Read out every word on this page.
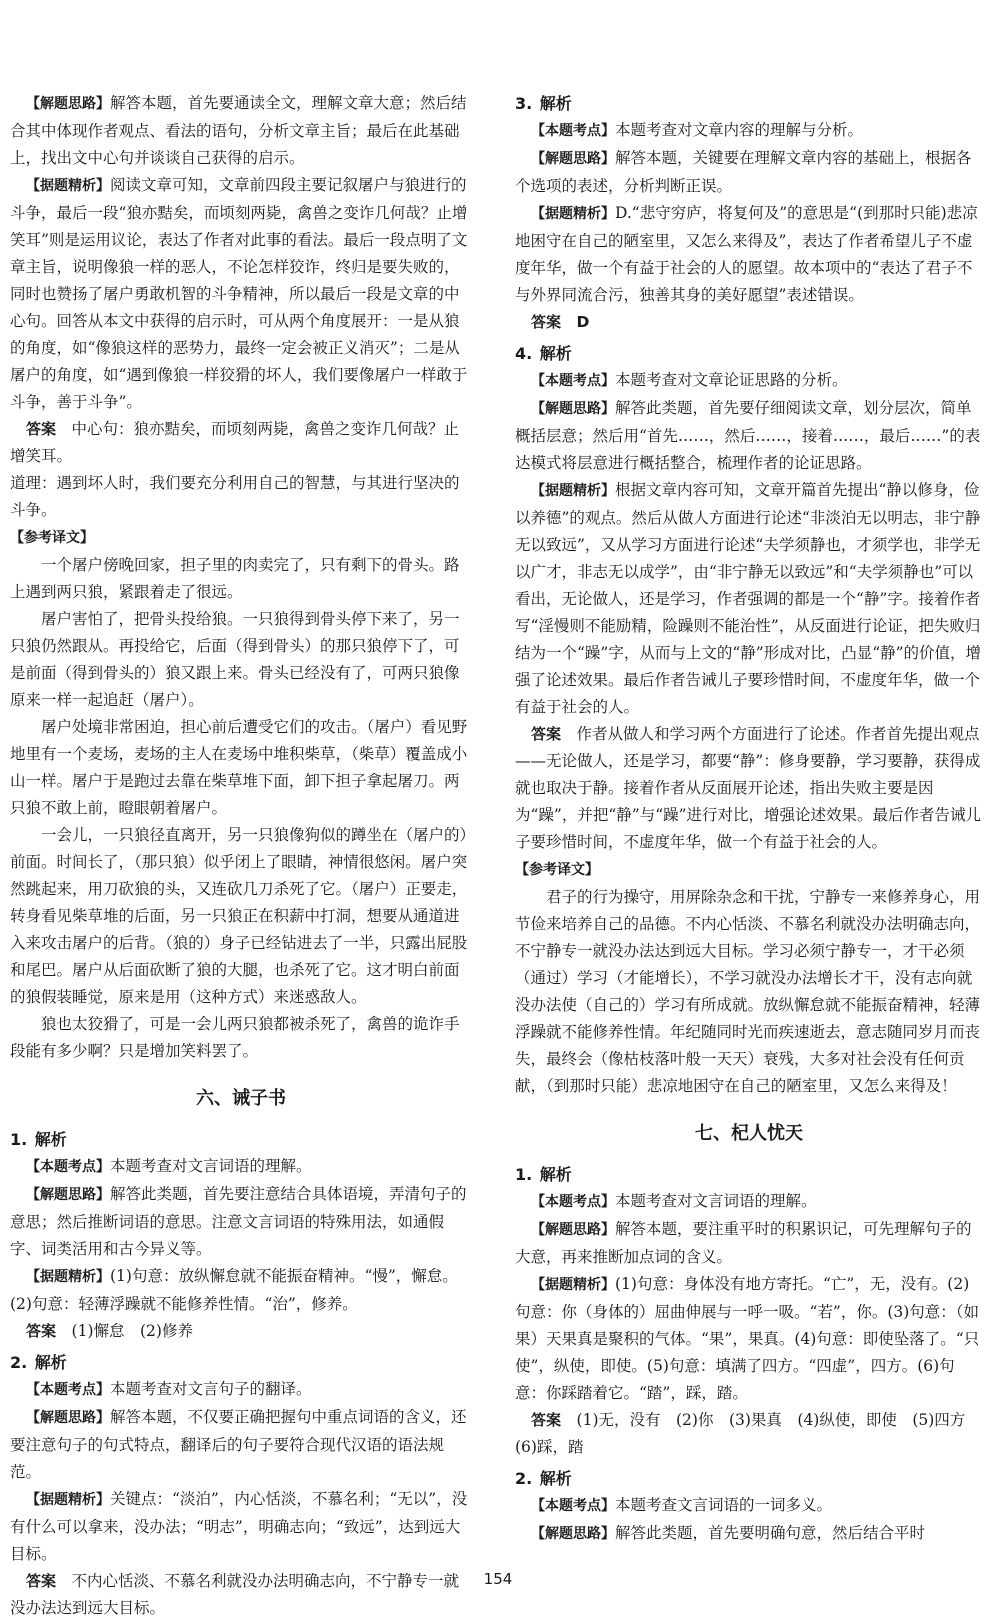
【解题思路】解答本题，首先要通读全文，理解文章大意；然后结合其中体现作者观点、看法的语句，分析文章主旨；最后在此基础上，找出文中心句并谈谈自己获得的启示。

【据题精析】阅读文章可知，文章前四段主要记叙屠户与狼进行的斗争，最后一段“狼亦黠矣，而顷刻两毙，禽兽之变诈几何哉？止增笑耳”则是运用议论，表达了作者对此事的看法。最后一段点明了文章主旨，说明像狼一样的恶人，不论怎样狡诈，终归是要失败的，同时也赞扬了屠户勇敢机智的斗争精神，所以最后一段是文章的中心句。回答从本文中获得的启示时，可从两个角度展开：一是从狼的角度，如“像狼这样的恶势力，最终一定会被正义消灭”；二是从屠户的角度，如“遇到像狼一样狡猾的坏人，我们要像屠户一样敢于斗争，善于斗争”。

答案　 中心句：狼亦黠矣，而顷刻两毙，禽兽之变诈几何哉？止增笑耳。

道理：遇到坏人时，我们要充分利用自己的智慧，与其进行坚决的斗争。

【参考译文】

一个屠户傍晚回家，担子里的肉卖完了，只有剩下的骨头。路上遇到两只狼，紧跟着走了很远。

屠户害怕了，把骨头投给狼。一只狼得到骨头停下来了，另一只狼仍然跟从。再投给它，后面（得到骨头）的那只狼停下了，可是前面（得到骨头的）狼又跟上来。骨头已经没有了，可两只狼像原来一样一起追赶（屠户）。

屠户处境非常困迫，担心前后遭受它们的攻击。（屠户）看见野地里有一个麦场，麦场的主人在麦场中堆积柴草，（柴草）覆盖成小山一样。屠户于是跑过去靠在柴草堆下面，卸下担子拿起屠刀。两只狼不敢上前，瞪眼朝着屠户。

一会儿，一只狼径直离开，另一只狼像狗似的蹲坐在（屠户的）前面。时间长了，（那只狼）似乎闭上了眼睛，神情很悠闲。屠户突然跳起来，用刀砍狼的头，又连砍几刀杀死了它。（屠户）正要走，转身看见柴草堆的后面，另一只狼正在积薪中打洞，想要从通道进入来攻击屠户的后背。（狼的）身子已经钻进去了一半，只露出屁股和尾巴。屠户从后面砍断了狼的大腿，也杀死了它。这才明白前面的狼假装睡觉，原来是用（这种方式）来迷惑敌人。

狼也太狡猾了，可是一会儿两只狼都被杀死了，禽兽的诡诈手段能有多少啊？只是增加笑料罢了。

六、诫子书
1. 解析

【本题考点】本题考查对文言词语的理解。

【解题思路】解答此类题，首先要注意结合具体语境，弄清句子的意思；然后推断词语的意思。注意文言词语的特殊用法，如通假字、词类活用和古今异义等。

【据题精析】(1)句意：放纵懈怠就不能振奋精神。“慢”，懈怠。(2)句意：轻薄浮躁就不能修养性情。“治”，修养。

答案　 (1)懈怠　(2)修养

2. 解析

【本题考点】本题考查对文言句子的翻译。

【解题思路】解答本题，不仅要正确把握句中重点词语的含义，还要注意句子的句式特点，翻译后的句子要符合现代汉语的语法规范。

【据题精析】关键点：“淡泊”，内心恬淡，不慕名利；“无以”，没有什么可以拿来，没办法；“明志”，明确志向；“致远”，达到远大目标。

答案　 不内心恬淡、不慕名利就没办法明确志向，不宁静专一就没办法达到远大目标。

3. 解析

【本题考点】本题考查对文章内容的理解与分析。

【解题思路】解答本题，关键要在理解文章内容的基础上，根据各个选项的表述，分析判断正误。

【据题精析】D.“悲守穷庐，将复何及”的意思是“(到那时只能)悲凉地困守在自己的陋室里，又怎么来得及”，表达了作者希望儿子不虚度年华，做一个有益于社会的人的愿望。故本项中的“表达了君子不与外界同流合污，独善其身的美好愿望”表述错误。

答案　 D

4. 解析

【本题考点】本题考查对文章论证思路的分析。

【解题思路】解答此类题，首先要仔细阅读文章，划分层次，简单概括层意；然后用“首先……，然后……，接着……，最后……”的表达模式将层意进行概括整合，梳理作者的论证思路。

【据题精析】根据文章内容可知，文章开篇首先提出“静以修身，俭以养德”的观点。然后从做人方面进行论述“非淡泊无以明志，非宁静无以致远”，又从学习方面进行论述“夫学须静也，才须学也，非学无以广才，非志无以成学”，由“非宁静无以致远”和“夫学须静也”可以看出，无论做人，还是学习，作者强调的都是一个“静”字。接着作者写“淫慢则不能励精，险躁则不能治性”，从反面进行论证，把失败归结为一个“躁”字，从而与上文的“静”形成对比，凸显“静”的价值，增强了论述效果。最后作者告诫儿子要珍惜时间，不虚度年华，做一个有益于社会的人。

答案　 作者从做人和学习两个方面进行了论述。作者首先提出观点——无论做人，还是学习，都要“静”：修身要静，学习要静，获得成就也取决于静。接着作者从反面展开论述，指出失败主要是因为“躁”，并把“静”与“躁”进行对比，增强论述效果。最后作者告诫儿子要珍惜时间，不虚度年华，做一个有益于社会的人。

【参考译文】

君子的行为操守，用屏除杂念和干扰，宁静专一来修养身心，用节俭来培养自己的品德。不内心恬淡、不慕名利就没办法明确志向，不宁静专一就没办法达到远大目标。学习必须宁静专一，才干必须（通过）学习（才能增长），不学习就没办法增长才干，没有志向就没办法使（自己的）学习有所成就。放纵懈怠就不能振奋精神，轻薄浮躁就不能修养性情。年纪随同时光而疾速逝去，意志随同岁月而丧失，最终会（像枯枝落叶般一天天）衰残，大多对社会没有任何贡献，（到那时只能）悲凉地困守在自己的陋室里，又怎么来得及！

七、杞人忧天
1. 解析

【本题考点】本题考查对文言词语的理解。

【解题思路】解答本题，要注重平时的积累识记，可先理解句子的大意，再来推断加点词的含义。

【据题精析】(1)句意：身体没有地方寄托。“亡”，无，没有。(2)句意：你（身体的）屈曲伸展与一呼一吸。“若”，你。(3)句意：（如果）天果真是聚积的气体。“果”，果真。(4)句意：即使坠落了。“只使”，纵使，即使。(5)句意：填满了四方。“四虚”，四方。(6)句意：你踩踏着它。“踏”，踩，踏。

答案　 (1)无，没有　(2)你　(3)果真　(4)纵使，即使　(5)四方　(6)踩，踏

2. 解析

【本题考点】本题考查文言词语的一词多义。

【解题思路】解答此类题，首先要明确句意，然后结合平时

154
